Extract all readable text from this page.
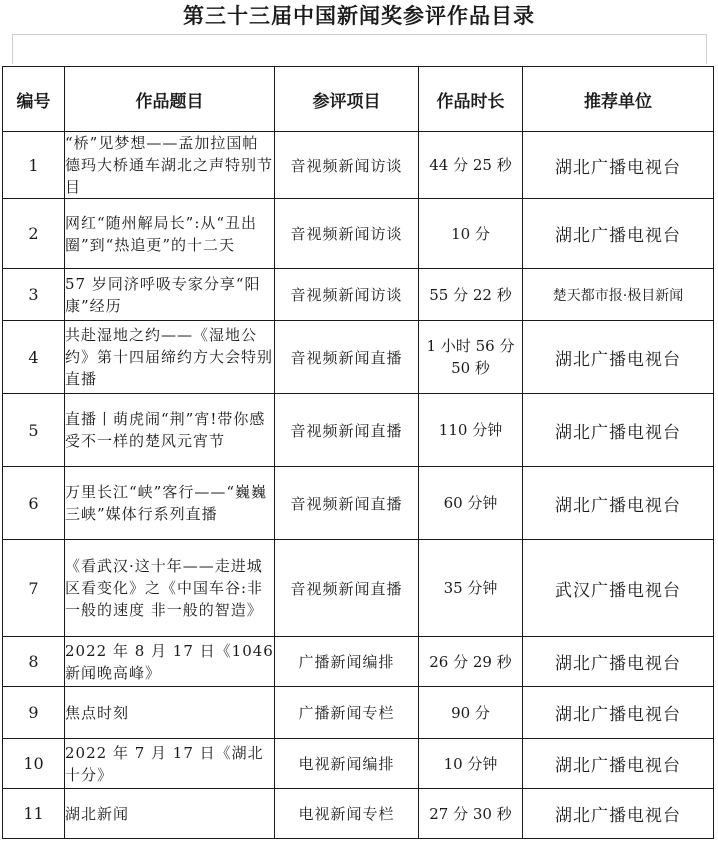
第三十三届中国新闻奖参评作品目录
编号	作品题目	参评项目	作品时长	推荐单位
1	“桥”见梦想——孟加拉国帕德玛大桥通车湖北之声特别节目	音视频新闻访谈	44 分 25 秒	湖北广播电视台
2	网红“随州解局长”:从“丑出圈”到“热追更”的十二天	音视频新闻访谈	10 分	湖北广播电视台
3	57 岁同济呼吸专家分享“阳康”经历	音视频新闻访谈	55 分 22 秒	楚天都市报·极目新闻
4	共赴湿地之约——《湿地公约》第十四届缔约方大会特别直播	音视频新闻直播	1 小时 56 分 50 秒	湖北广播电视台
5	直播丨萌虎闹“荆”宵!带你感受不一样的楚风元宵节	音视频新闻直播	110 分钟	湖北广播电视台
6	万里长江“峡”客行——“巍巍三峡”媒体行系列直播	音视频新闻直播	60 分钟	湖北广播电视台
7	《看武汉·这十年——走进城区看变化》之《中国车谷:非一般的速度 非一般的智造》	音视频新闻直播	35 分钟	武汉广播电视台
8	2022 年 8 月 17 日《1046 新闻晚高峰》	广播新闻编排	26 分 29 秒	湖北广播电视台
9	焦点时刻	广播新闻专栏	90 分	湖北广播电视台
10	2022 年 7 月 17 日《湖北十分》	电视新闻编排	10 分钟	湖北广播电视台
11	湖北新闻	电视新闻专栏	27 分 30 秒	湖北广播电视台
